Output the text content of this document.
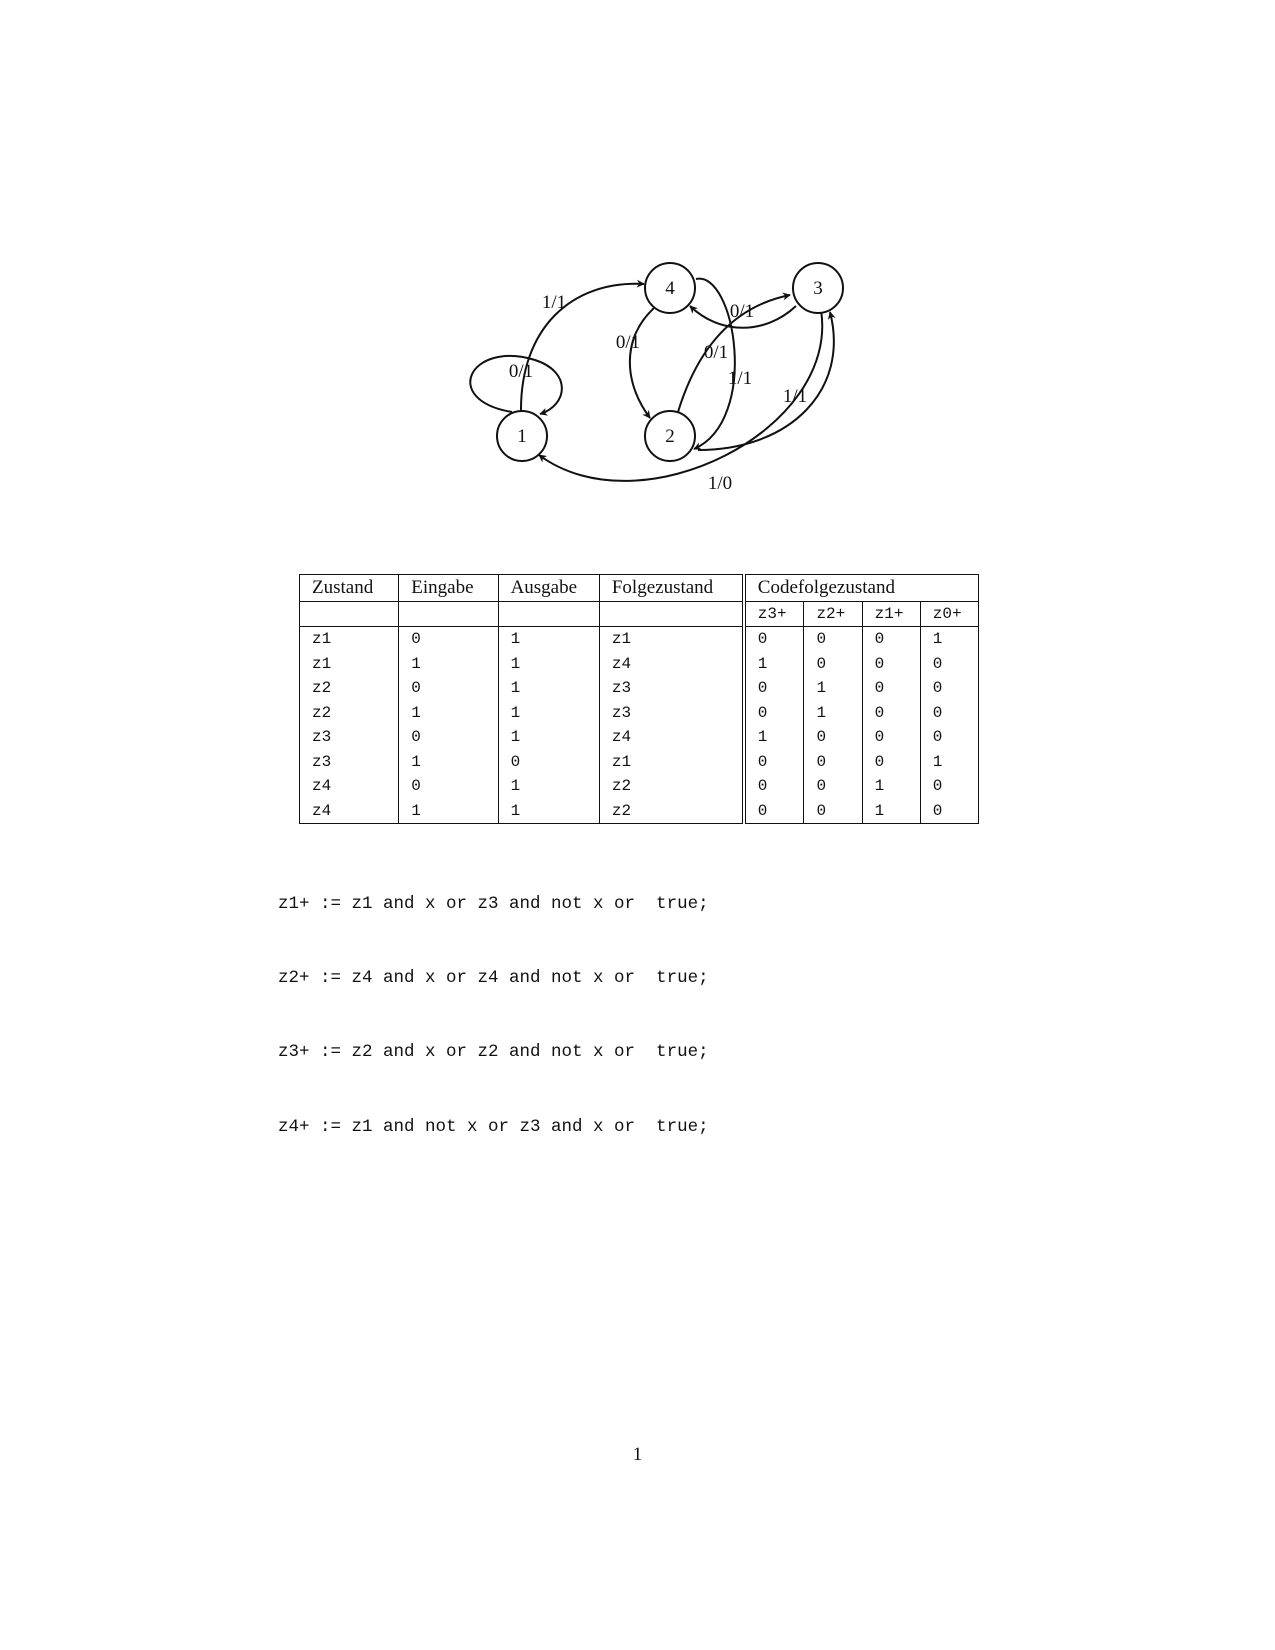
1	2
3
4
0/1
1/1
0/1
1/1
0/1
1/1
0/1
1/0
Zustand	Eingabe	Ausgabe	Folgezustand	Codefolgezustand			
				z3+	z2+	z1+	z0+
z1	0	1	z1	0	0	0	1
z1	1	1	z4	1	0	0	0
z2	0	1	z3	0	1	0	0
z2	1	1	z3	0	1	0	0
z3	0	1	z4	1	0	0	0
z3	1	0	z1	0	0	0	1
z4	0	1	z2	0	0	1	0
z4	1	1	z2	0	0	1	0

z1+ := z1 and x or z3 and not x or  true;

z2+ := z4 and x or z4 and not x or  true;

z3+ := z2 and x or z2 and not x or  true;

z4+ := z1 and not x or z3 and x or  true;

1
